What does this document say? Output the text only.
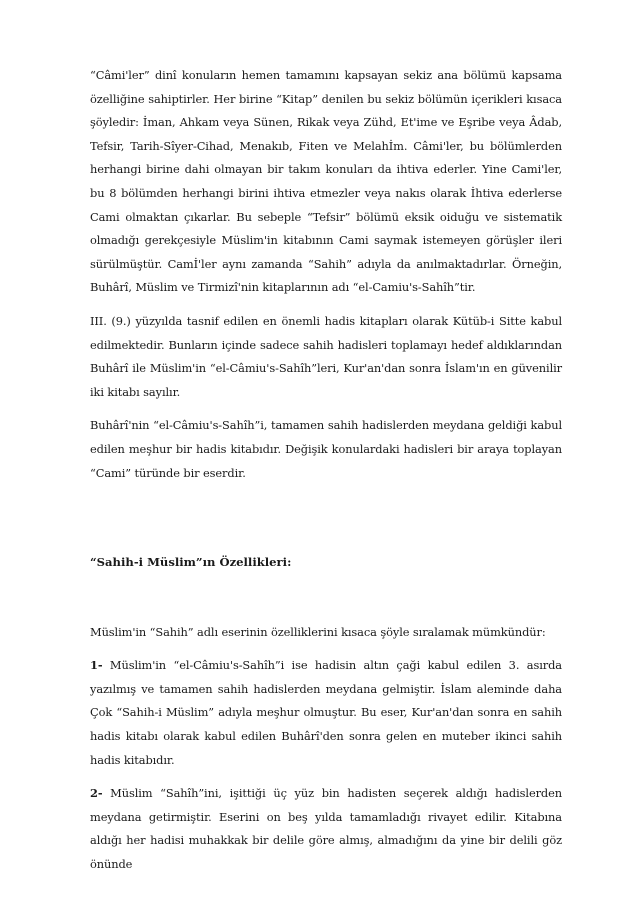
“Câmi'ler” dinî konuların hemen tamamını kapsayan sekiz ana bölümü kapsama özelliğine sahiptirler. Her birine “Kitap” denilen bu sekiz bölümün içerikleri kısaca şöyledir: İman, Ahkam veya Sünen, Rikak veya Zühd, Et'ime ve Eşribe veya Âdab, Tefsir, Tarih-Sîyer-Cihad, Menakıb, Fiten ve Melahİm. Câmi'ler, bu bölümlerden herhangi birine dahi olmayan bir takım konuları da ihtiva ederler. Yine Cami'ler, bu 8 bölümden herhangi birini ihtiva etmezler veya nakıs olarak İhtiva ederlerse Cami olmaktan çıkarlar. Bu sebeple “Tefsir” bölümü eksik oiduğu ve sistematik olmadığı gerekçesiyle Müslim'in kitabının Cami saymak istemeyen görüşler ileri sürülmüştür. Camİ'ler aynı zamanda “Sahih” adıyla da anılmaktadırlar. Örneğin, Buhârî, Müslim ve Tirmizî'nin kitaplarının adı “el-Camiu's-Sahîh”tir.

III. (9.) yüzyılda tasnif edilen en önemli hadis kitapları olarak Kütüb-i Sitte kabul edilmektedir. Bunların içinde sadece sahih hadisleri toplamayı hedef aldıklarından Buhârî ile Müslim'in “el-Câmiu's-Sahîh”leri, Kur'an'dan sonra İslam'ın en güvenilir iki kitabı sayılır.

Buhârî'nin “el-Câmiu's-Sahîh”i, tamamen sahih hadislerden meydana geldiği kabul edilen meşhur bir hadis kitabıdır. Değişik konulardaki hadisleri bir araya toplayan “Cami” türünde bir eserdir.

“Sahih-i Müslim”ın Özellikleri:

Müslim'in “Sahih” adlı eserinin özelliklerini kısaca şöyle sıralamak mümkündür:

1- Müslim'in “el-Câmiu's-Sahîh”i ise hadisin altın çaği kabul edilen 3. asırda yazılmış ve tamamen sahih hadislerden meydana gelmiştir. İslam aleminde daha Çok “Sahih-i Müslim” adıyla meşhur olmuştur. Bu eser, Kur'an'dan sonra en sahih hadis kitabı olarak kabul edilen Buhârî'den sonra gelen en muteber ikinci sahih hadis kitabıdır.

2- Müslim “Sahîh”ini, işittiği üç yüz bin hadisten seçerek aldığı hadislerden meydana getirmiştir. Eserini on beş yılda tamamladığı rivayet edilir. Kitabına aldığı her hadisi muhakkak bir delile göre almış, almadığını da yine bir delili göz önünde
